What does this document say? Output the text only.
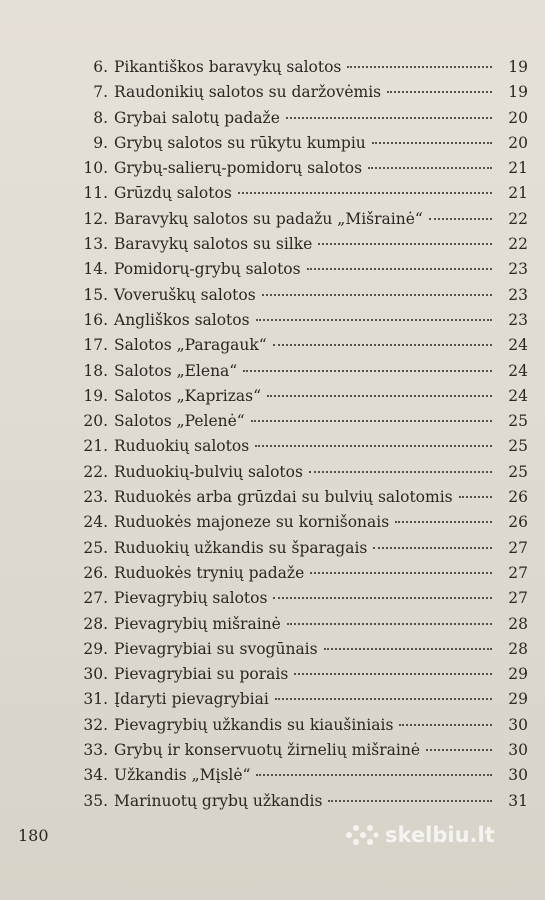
6. Pikantiškos baravykų salotos	19
7. Raudonikių salotos su daržovėmis	19
8. Grybai salotų padaže	20
9. Grybų salotos su rūkytu kumpiu	20
10. Grybų-salierų-pomidorų salotos	21
11. Grūzdų salotos	21
12. Baravykų salotos su padažu „Mišrainė“	22
13. Baravykų salotos su silke	22
14. Pomidorų-grybų salotos	23
15. Voveruškų salotos	23
16. Angliškos salotos	23
17. Salotos „Paragauk“	24
18. Salotos „Elena“	24
19. Salotos „Kaprizas“	24
20. Salotos „Pelenė“	25
21. Ruduokių salotos	25
22. Ruduokių-bulvių salotos	25
23. Ruduokės arba grūzdai su bulvių salotomis	26
24. Ruduokės majoneze su kornišonais	26
25. Ruduokių užkandis su šparagais	27
26. Ruduokės trynių padaže	27
27. Pievagrybių salotos	27
28. Pievagrybių mišrainė	28
29. Pievagrybiai su svogūnais	28
30. Pievagrybiai su porais	29
31. Įdaryti pievagrybiai	29
32. Pievagrybių užkandis su kiaušiniais	30
33. Grybų ir konservuotų žirnelių mišrainė	30
34. Užkandis „Mįslė“	30
35. Marinuotų grybų užkandis	31
180	skelbiu.lt
